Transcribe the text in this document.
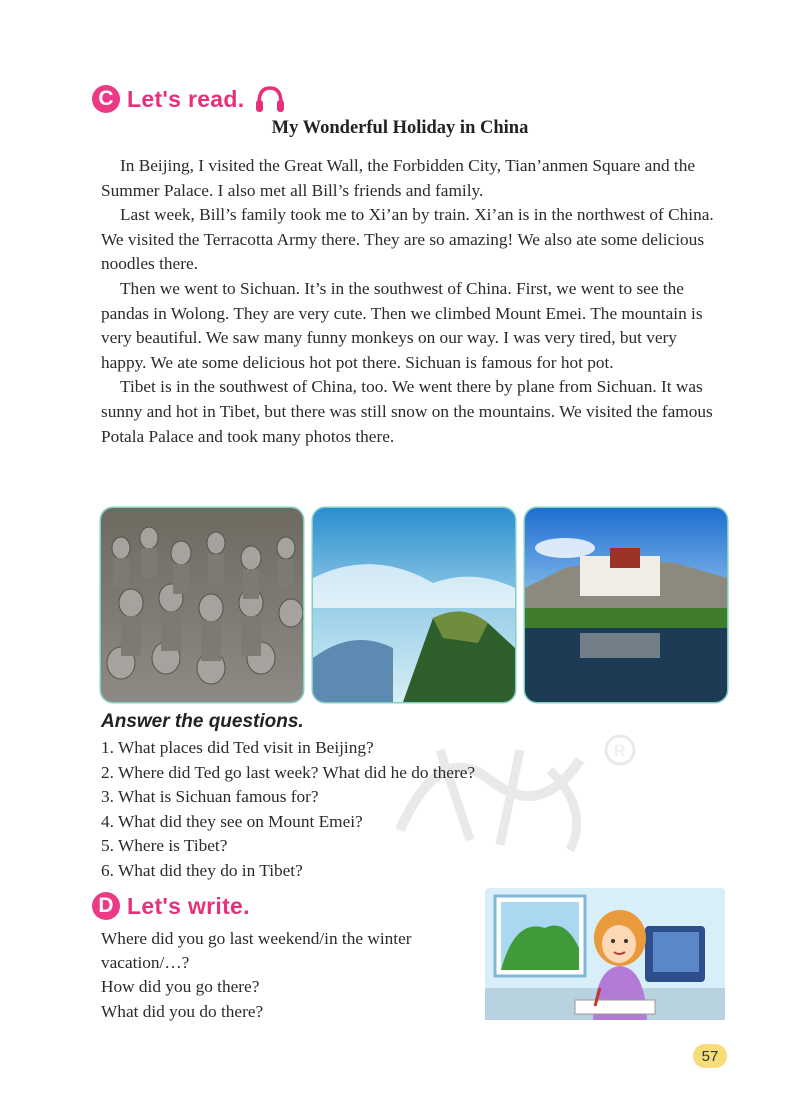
R
C Let's read.
My Wonderful Holiday in China

In Beijing, I visited the Great Wall, the Forbidden City, Tian’anmen Square and the Summer Palace. I also met all Bill’s friends and family.

Last week, Bill’s family took me to Xi’an by train. Xi’an is in the northwest of China. We visited the Terracotta Army there. They are so amazing! We also ate some delicious noodles there.

Then we went to Sichuan. It’s in the southwest of China. First, we went to see the pandas in Wolong. They are very cute. Then we climbed Mount Emei. The mountain is very beautiful. We saw many funny monkeys on our way. I was very tired, but very happy. We ate some delicious hot pot there. Sichuan is famous for hot pot.

Tibet is in the southwest of China, too. We went there by plane from Sichuan. It was sunny and hot in Tibet, but there was still snow on the mountains. We visited the famous Potala Palace and took many photos there.

Answer the questions.
1. What places did Ted visit in Beijing?
2. Where did Ted go last week? What did he do there?
3. What is Sichuan famous for?
4. What did they see on Mount Emei?
5. Where is Tibet?
6. What did they do in Tibet?
D Let's write.
Where did you go last weekend/in the winter
vacation/…?
How did you go there?
What did you do there?
57
